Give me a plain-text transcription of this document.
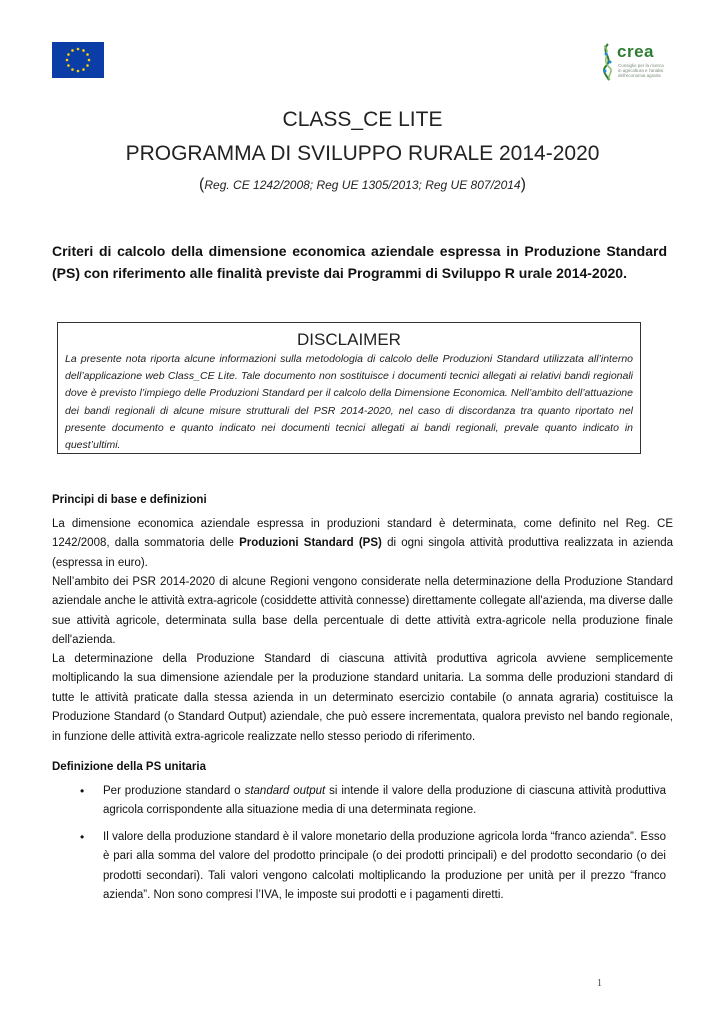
crea
Consiglio per la ricerca in agricoltura e l'analisi dell'economia agraria
CLASS_CE LITE
PROGRAMMA DI SVILUPPO RURALE 2014-2020
(Reg. CE 1242/2008; Reg UE 1305/2013; Reg UE 807/2014)
Criteri di calcolo della dimensione economica aziendale espressa in Produzione Standard (PS) con riferimento alle finalità previste dai Programmi di Sviluppo R urale 2014-2020.
DISCLAIMER
La presente nota riporta alcune informazioni sulla metodologia di calcolo delle Produzioni Standard utilizzata all’interno dell’applicazione web Class_CE Lite. Tale documento non sostituisce i documenti tecnici allegati ai relativi bandi regionali dove è previsto l’impiego delle Produzioni Standard per il calcolo della Dimensione Economica. Nell’ambito dell’attuazione dei bandi regionali di alcune misure strutturali del PSR 2014-2020, nel caso di discordanza tra quanto riportato nel presente documento e quanto indicato nei documenti tecnici allegati ai bandi regionali, prevale quanto indicato in quest’ultimi.
Principi di base e definizioni

La dimensione economica aziendale espressa in produzioni standard è determinata, come definito nel Reg. CE 1242/2008, dalla sommatoria delle Produzioni Standard (PS) di ogni singola attività produttiva realizzata in azienda (espressa in euro).

Nell’ambito dei PSR 2014-2020 di alcune Regioni vengono considerate nella determinazione della Produzione Standard aziendale anche le attività extra-agricole (cosiddette attività connesse) direttamente collegate all'azienda, ma diverse dalle sue attività agricole, determinata sulla base della percentuale di dette attività extra-agricole nella produzione finale dell'azienda.

La determinazione della Produzione Standard di ciascuna attività produttiva agricola avviene semplicemente moltiplicando la sua dimensione aziendale per la produzione standard unitaria. La somma delle produzioni standard di tutte le attività praticate dalla stessa azienda in un determinato esercizio contabile (o annata agraria) costituisce la Produzione Standard (o Standard Output) aziendale, che può essere incrementata, qualora previsto nel bando regionale, in funzione delle attività extra-agricole realizzate nello stesso periodo di riferimento.

Definizione della PS unitaria
• Per produzione standard o standard output si intende il valore della produzione di ciascuna attività produttiva agricola corrispondente alla situazione media di una determinata regione.

• Il valore della produzione standard è il valore monetario della produzione agricola lorda “franco azienda”. Esso è pari alla somma del valore del prodotto principale (o dei prodotti principali) e del prodotto secondario (o dei prodotti secondari). Tali valori vengono calcolati moltiplicando la produzione per unità per il prezzo “franco azienda”. Non sono compresi l’IVA, le imposte sui prodotti e i pagamenti diretti.

1
